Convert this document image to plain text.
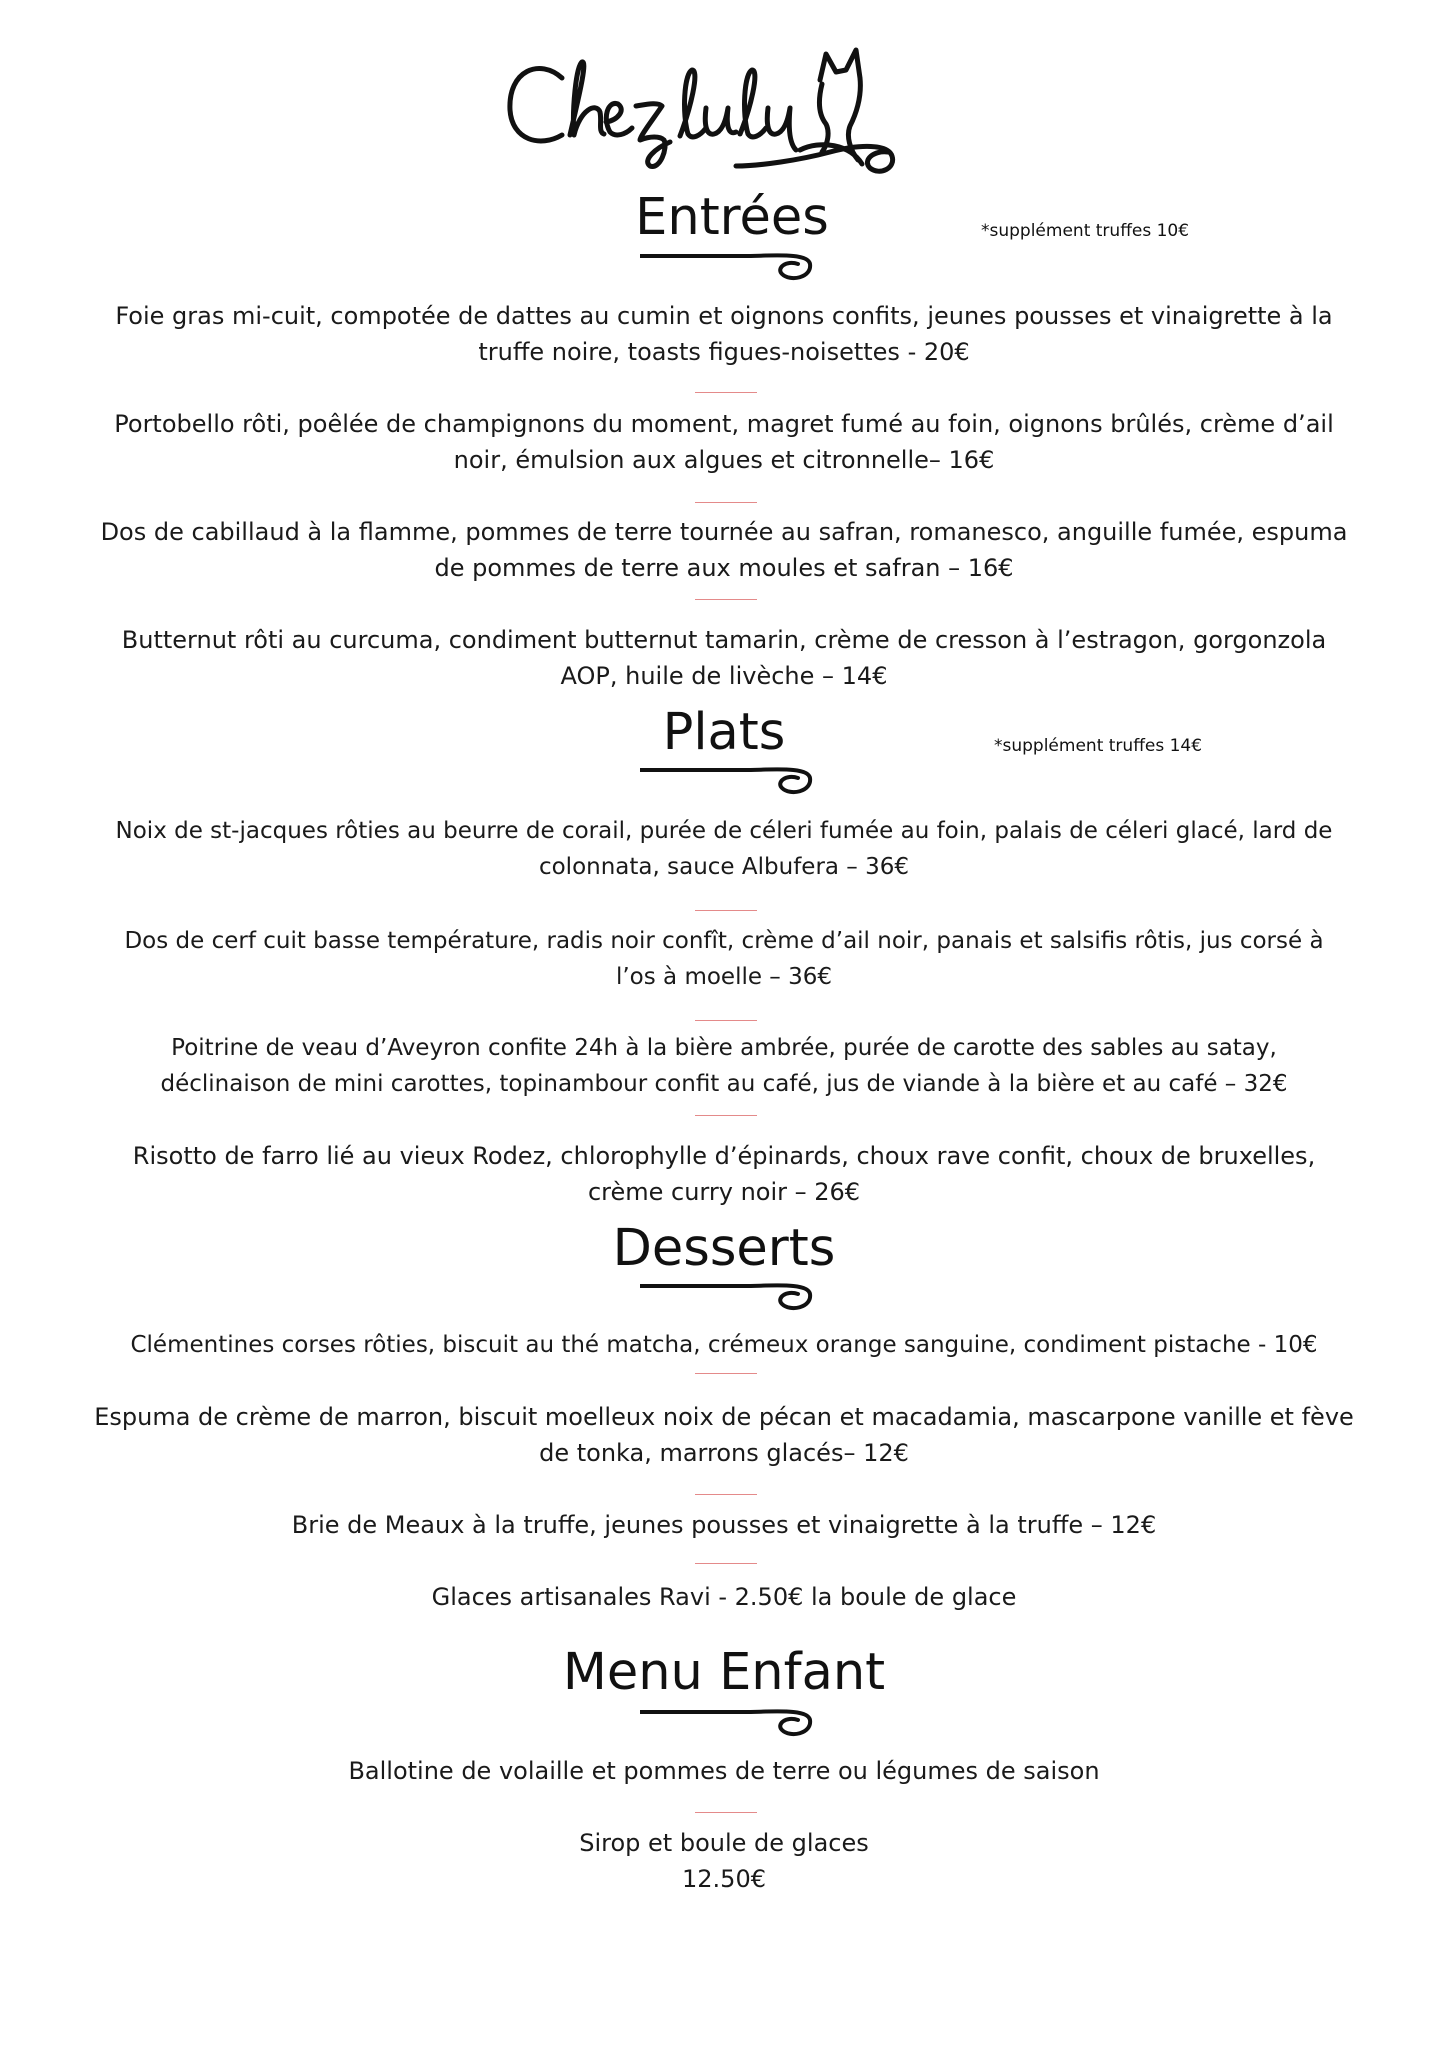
Entrées	*supplément truffes 10€

Foie gras mi-cuit, compotée de dattes au cumin et oignons confits, jeunes pousses et vinaigrette à la
truffe noire, toasts figues-noisettes - 20€

Portobello rôti, poêlée de champignons du moment, magret fumé au foin, oignons brûlés, crème d’ail
noir, émulsion aux algues et citronnelle– 16€

Dos de cabillaud à la flamme, pommes de terre tournée au safran, romanesco, anguille fumée, espuma
de pommes de terre aux moules et safran – 16€

Butternut rôti au curcuma, condiment butternut tamarin, crème de cresson à l’estragon, gorgonzola
AOP, huile de livèche – 14€

Plats	*supplément truffes 14€

Noix de st-jacques rôties au beurre de corail, purée de céleri fumée au foin, palais de céleri glacé, lard de
colonnata, sauce Albufera – 36€

Dos de cerf cuit basse température, radis noir confît, crème d’ail noir, panais et salsifis rôtis, jus corsé à
l’os à moelle – 36€

Poitrine de veau d’Aveyron confite 24h à la bière ambrée, purée de carotte des sables au satay,
déclinaison de mini carottes, topinambour confit au café, jus de viande à la bière et au café – 32€

Risotto de farro lié au vieux Rodez, chlorophylle d’épinards, choux rave confit, choux de bruxelles,
crème curry noir – 26€

Desserts

Clémentines corses rôties, biscuit au thé matcha, crémeux orange sanguine, condiment pistache - 10€

Espuma de crème de marron, biscuit moelleux noix de pécan et macadamia, mascarpone vanille et fève
de tonka, marrons glacés– 12€

Brie de Meaux à la truffe, jeunes pousses et vinaigrette à la truffe – 12€

Glaces artisanales Ravi - 2.50€ la boule de glace

Menu Enfant

Ballotine de volaille et pommes de terre ou légumes de saison

Sirop et boule de glaces
12.50€
